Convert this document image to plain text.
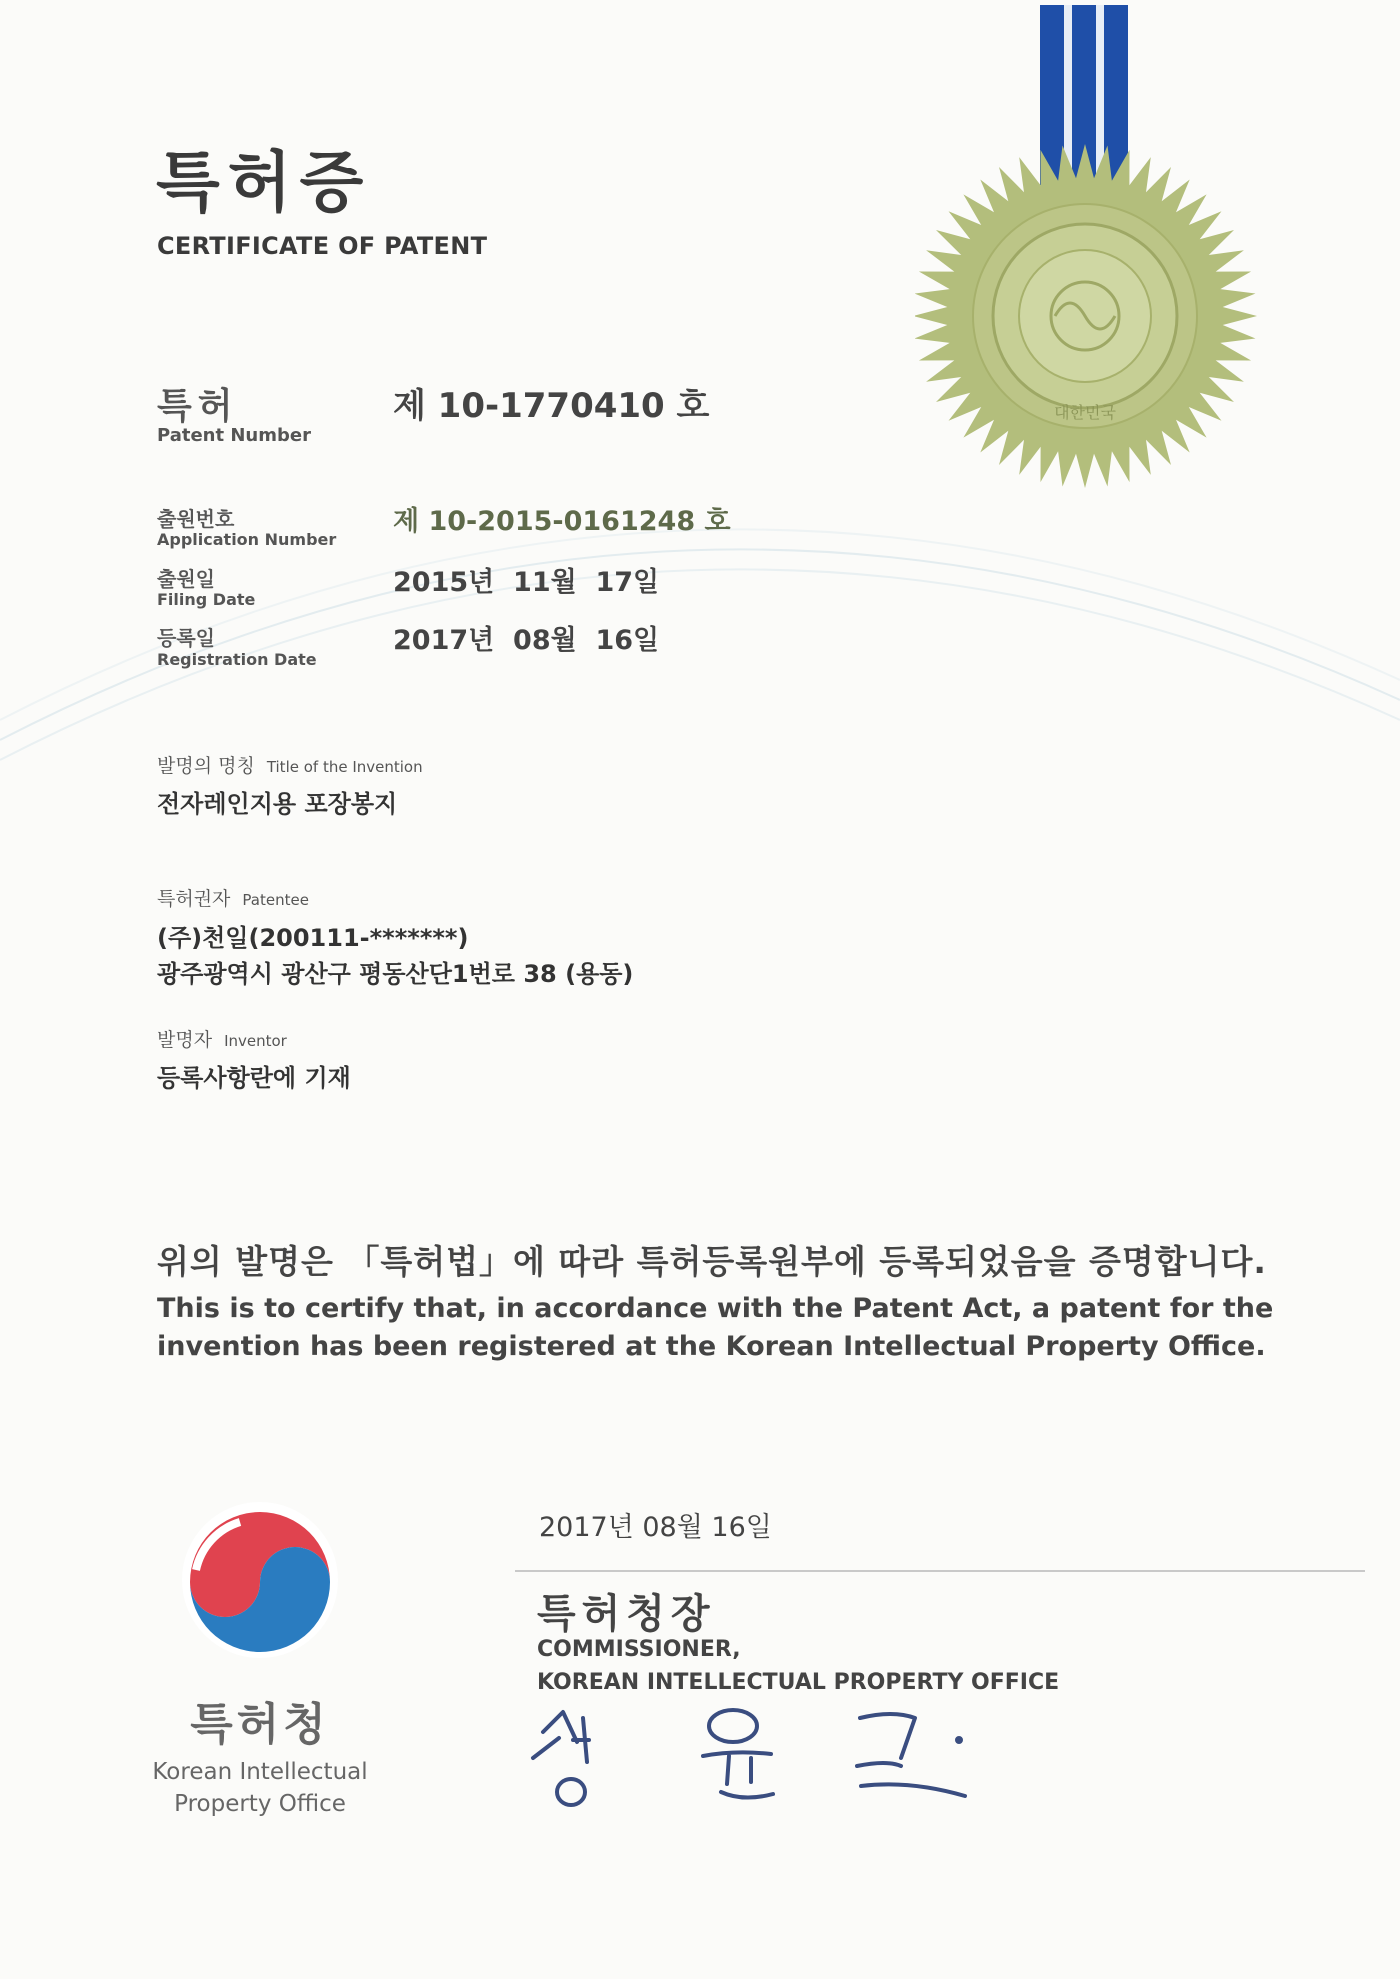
특허증
CERTIFICATE OF PATENT
대한민국
특허
Patent Number
제 10-1770410 호
출원번호
Application Number
제 10-2015-0161248 호
출원일
Filing Date
2015년  11월  17일
등록일
Registration Date
2017년  08월  16일
발명의 명칭 Title of the Invention
전자레인지용 포장봉지
특허권자 Patentee
(주)천일(200111-*******)
광주광역시 광산구 평동산단1번로 38 (용동)
발명자 Inventor
등록사항란에 기재
위의 발명은 「특허법」에 따라 특허등록원부에 등록되었음을 증명합니다.
This is to certify that, in accordance with the Patent Act, a patent for the invention has been registered at the Korean Intellectual Property Office.
특허청
Korean Intellectual
Property Office
2017년 08월 16일
특허청장
COMMISSIONER,
KOREAN INTELLECTUAL PROPERTY OFFICE
